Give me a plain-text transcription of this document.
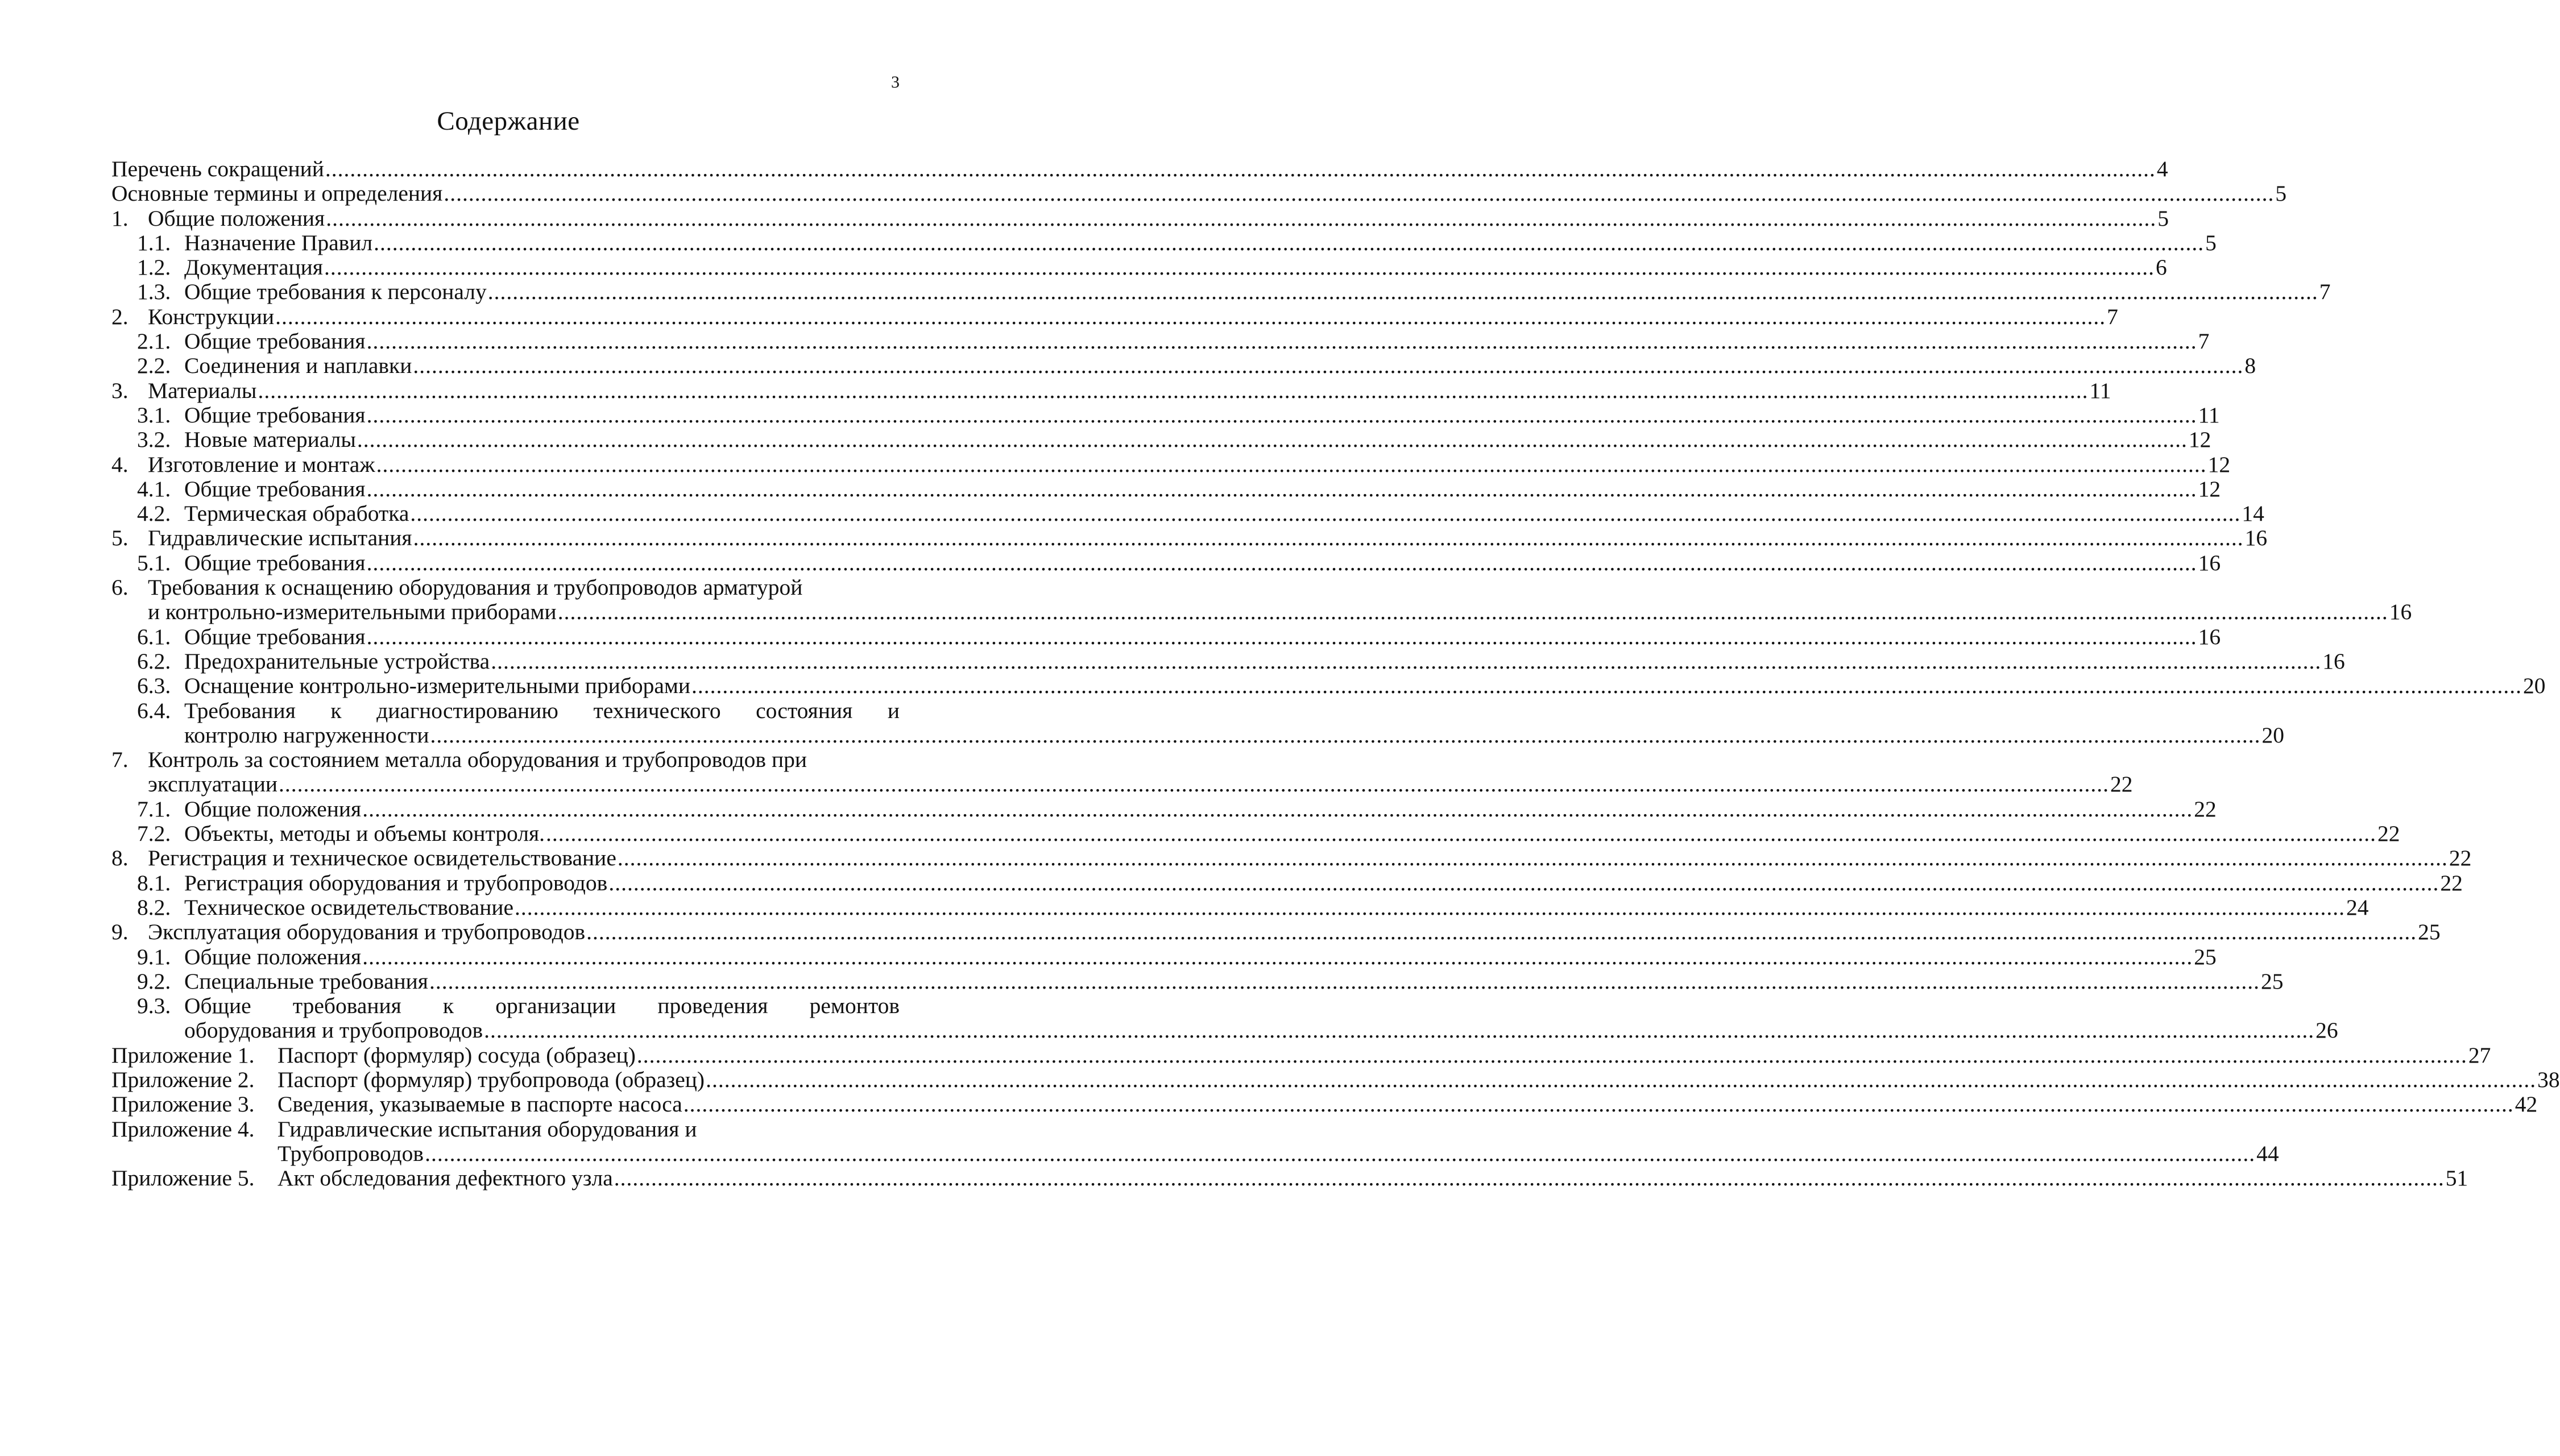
3
Содержание
Перечень сокращений .....	4
Основные термины и определения .....	5
1. Общие положения .....	5
1.1. Назначение Правил .....	5
1.2. Документация .....	6
1.3. Общие требования к персоналу .....	7
2. Конструкции .....	7
2.1. Общие требования .....	7
2.2. Соединения и наплавки .....	8
3. Материалы .....	11
3.1. Общие требования .....	11
3.2. Новые материалы .....	12
4. Изготовление и монтаж .....	12
4.1. Общие требования .....	12
4.2. Термическая обработка .....	14
5. Гидравлические испытания .....	16
5.1. Общие требования .....	16
6. Требования к оснащению оборудования и трубопроводов арматурой
и контрольно-измерительными приборами .....	16
6.1. Общие требования .....	16
6.2. Предохранительные устройства .....	16
6.3. Оснащение контрольно-измерительными приборами .....	20
6.4. Требования к диагностированию технического состояния и
контролю нагруженности .....	20
7. Контроль за состоянием металла оборудования и трубопроводов при
эксплуатации .....	22
7.1. Общие положения .....	22
7.2. Объекты, методы и объемы контроля. .....	22
8. Регистрация и техническое освидетельствование .....	22
8.1. Регистрация оборудования и трубопроводов .....	22
8.2. Техническое освидетельствование .....	24
9. Эксплуатация оборудования и трубопроводов .....	25
9.1. Общие положения .....	25
9.2. Специальные требования .....	25
9.3. Общие требования к организации проведения ремонтов
оборудования и трубопроводов .....	26
Приложение 1.	Паспорт (формуляр) сосуда (образец) .....	27
Приложение 2.	Паспорт (формуляр) трубопровода (образец) .....	38
Приложение 3.	Сведения, указываемые в паспорте насоса .....	42
Приложение 4.	Гидравлические испытания оборудования и
Трубопроводов .....	44
Приложение 5.	Акт обследования дефектного узла .....	51
